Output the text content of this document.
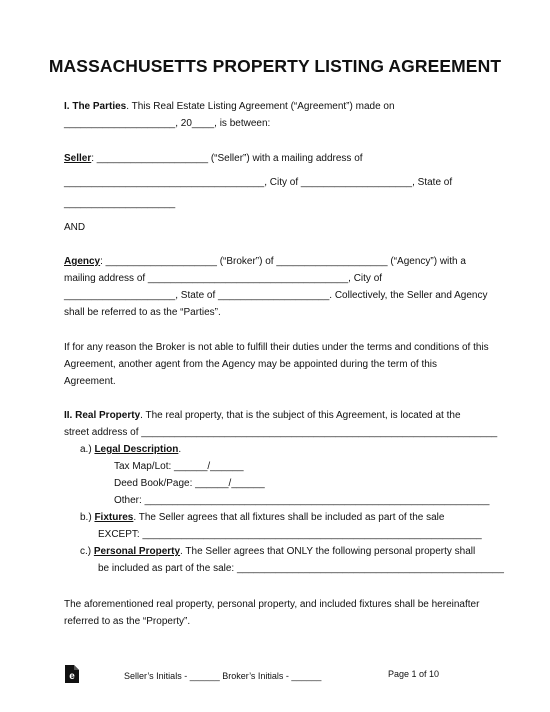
MASSACHUSETTS PROPERTY LISTING AGREEMENT
I. The Parties. This Real Estate Listing Agreement (“Agreement”) made on
____________________, 20____, is between:
Seller: ____________________ (“Seller”) with a mailing address of
____________________________________, City of ____________________, State of
____________________
AND
Agency: ____________________ (“Broker”) of ____________________ (“Agency”) with a
mailing address of ____________________________________, City of
____________________, State of ____________________. Collectively, the Seller and Agency
shall be referred to as the “Parties”.
If for any reason the Broker is not able to fulfill their duties under the terms and conditions of this
Agreement, another agent from the Agency may be appointed during the term of this
Agreement.
II. Real Property. The real property, that is the subject of this Agreement, is located at the
street address of ________________________________________________________________
a.) Legal Description.
Tax Map/Lot: ______/______
Deed Book/Page: ______/______
Other: ______________________________________________________________
b.) Fixtures. The Seller agrees that all fixtures shall be included as part of the sale
EXCEPT: _____________________________________________________________
c.) Personal Property. The Seller agrees that ONLY the following personal property shall
be included as part of the sale: ________________________________________________
The aforementioned real property, personal property, and included fixtures shall be hereinafter
referred to as the “Property”.
e	Seller’s Initials - ______ Broker’s Initials - ______	Page 1 of 10
